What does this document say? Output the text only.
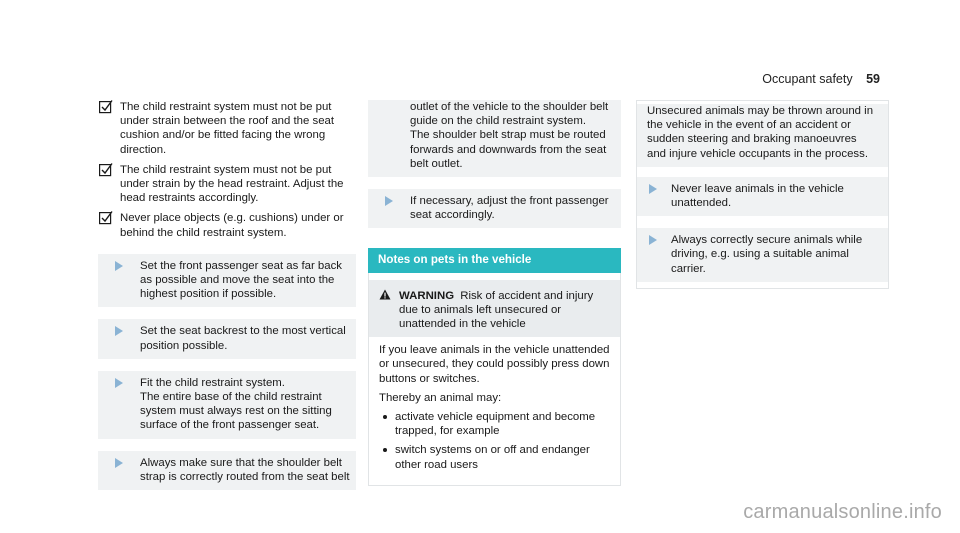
Occupant safety 59
The child restraint system must not be put under strain between the roof and the seat cushion and/or be fitted facing the wrong direction.
The child restraint system must not be put under strain by the head restraint. Adjust the head restraints accordingly.
Never place objects (e.g. cushions) under or behind the child restraint system.
Set the front passenger seat as far back as possible and move the seat into the highest position if possible.
Set the seat backrest to the most vertical position possible.
Fit the child restraint system.
The entire base of the child restraint system must always rest on the sitting surface of the front passenger seat.
Always make sure that the shoulder belt strap is correctly routed from the seat belt
outlet of the vehicle to the shoulder belt guide on the child restraint system.
The shoulder belt strap must be routed forwards and downwards from the seat belt outlet.
If necessary, adjust the front passenger seat accordingly.
Notes on pets in the vehicle
WARNING Risk of accident and injury due to animals left unsecured or unattended in the vehicle

If you leave animals in the vehicle unattended or unsecured, they could possibly press down buttons or switches.

Thereby an animal may:

activate vehicle equipment and become trapped, for example
switch systems on or off and endanger other road users
Unsecured animals may be thrown around in the vehicle in the event of an accident or sudden steering and braking manoeuvres and injure vehicle occupants in the process.
Never leave animals in the vehicle unattended.
Always correctly secure animals while driving, e.g. using a suitable animal carrier.
carmanualsonline.info
